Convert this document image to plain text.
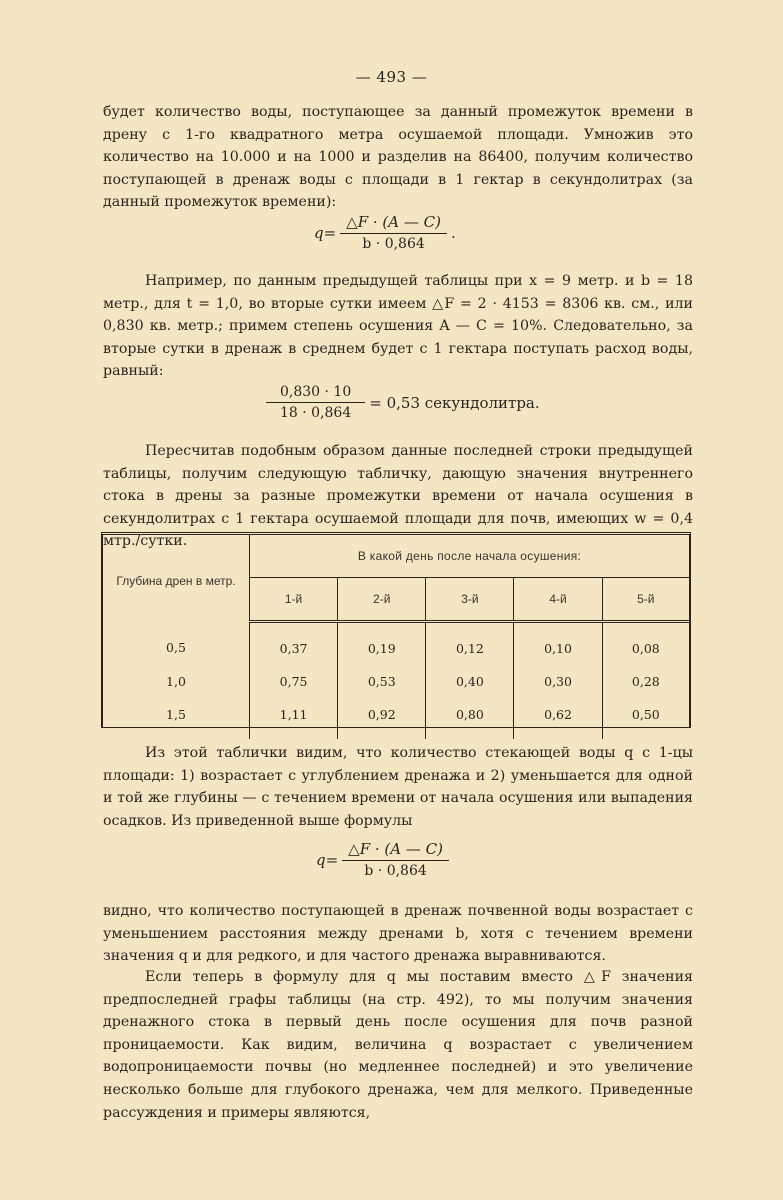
— 493 —
будет количество воды, поступающее за данный промежуток времени в дрену с 1-го квадратного метра осушаемой площади. Умножив это количество на 10.000 и на 1000 и разделив на 86400, получим количество поступающей в дренаж воды с площади в 1 гектар в секундолитрах (за данный промежуток времени):
$q= \frac{\triangle F \cdot (A — C)}{b \cdot 0,864}$ .
Например, по данным предыдущей таблицы при x = 9 метр. и b = 18 метр., для t = 1,0, во вторые сутки имеем △F = 2 · 4153 = 8306 кв. см., или 0,830 кв. метр.; примем степень осушения A — C = 10%. Следовательно, за вторые сутки в дренаж в среднем будет с 1 гектара поступать расход воды, равный:
$\frac{0,830 \cdot 10}{18 \cdot 0,864} = 0,53$ секундолитра.
Пересчитав подобным образом данные последней строки предыдущей таблицы, получим следующую табличку, дающую значения внутреннего стока в дрены за разные промежутки времени от начала осушения в секундолитрах с 1 гектара осушаемой площади для почв, имеющих w = 0,4 мтр./сутки.
Глубина дрен в метр.	В какой день после начала осушения:				
	1-й	2-й	3-й	4-й	5-й
0,5	0,37	0,19	0,12	0,10	0,08
1,0	0,75	0,53	0,40	0,30	0,28
1,5	1,11	0,92	0,80	0,62	0,50
Из этой таблички видим, что количество стекающей воды q с 1-цы площади: 1) возрастает с углублением дренажа и 2) уменьшается для одной и той же глубины — с течением времени от начала осушения или выпадения осадков. Из приведенной выше формулы
$q= \frac{\triangle F \cdot (A — C)}{b \cdot 0,864}$
видно, что количество поступающей в дренаж почвенной воды возрастает с уменьшением расстояния между дренами b, хотя с течением времени значения q и для редкого, и для частого дренажа выравниваются.
Если теперь в формулу для q мы поставим вместо △F значения предпоследней графы таблицы (на стр. 492), то мы получим значения дренажного стока в первый день после осушения для почв разной проницаемости. Как видим, величина q возрастает с увеличением водопроницаемости почвы (но медленнее последней) и это увеличение несколько больше для глубокого дренажа, чем для мелкого. Приведенные рассуждения и примеры являются,
